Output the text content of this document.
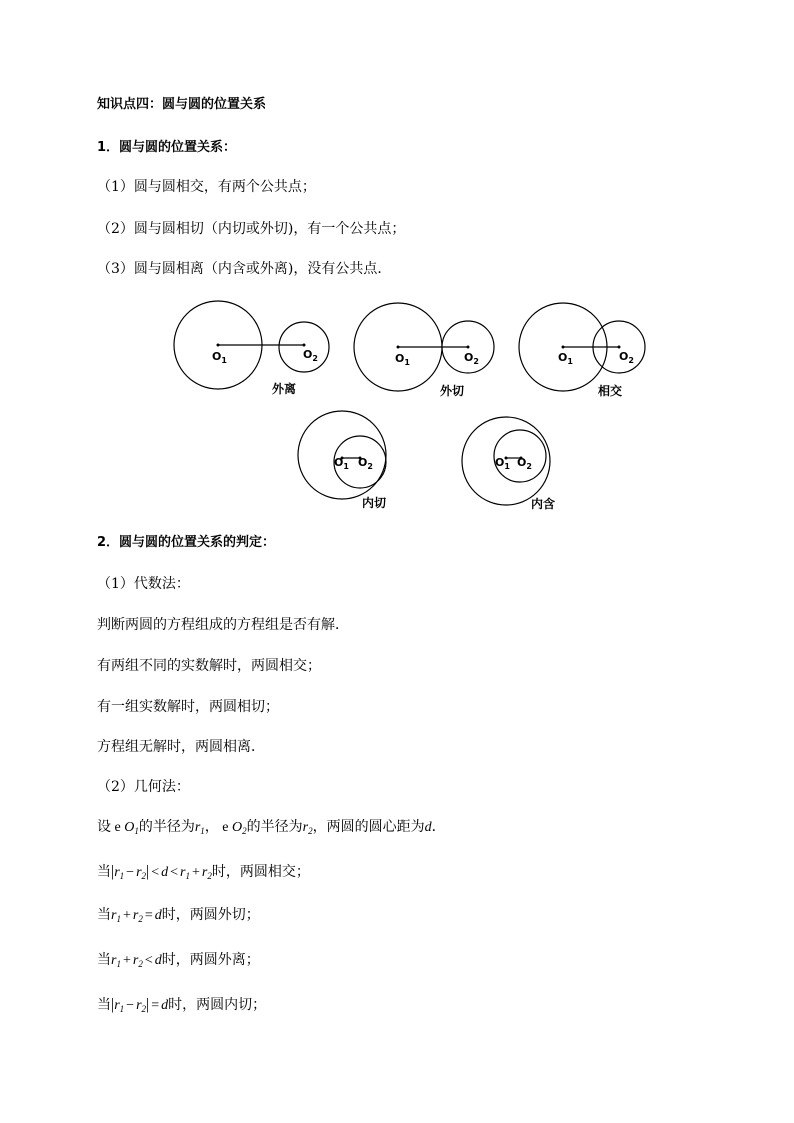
知识点四：圆与圆的位置关系
1．圆与圆的位置关系：
（1）圆与圆相交，有两个公共点；
（2）圆与圆相切（内切或外切)，有一个公共点；
（3）圆与圆相离（内含或外离)，没有公共点．
$O_1$	$O_2$	$O_1$	$O_2$	$O_1$	$O_2$
$O_1$ $O_2$	$O_1$ $O_2$
外离	外切	相交
内切	内含
2．圆与圆的位置关系的判定：
（1）代数法：
判断两圆的方程组成的方程组是否有解．
有两组不同的实数解时，两圆相交；
有一组实数解时，两圆相切；
方程组无解时，两圆相离．
（2）几何法：
设 e $O_1$的半径为$r_1$， e $O_2$的半径为$r_2$，两圆的圆心距为d．
当$|r_1 - r_2| < d < r_1 + r_2$时，两圆相交；
当$r_1 + r_2 = d$时，两圆外切；
当$r_1 + r_2 < d$时，两圆外离；
当$|r_1 - r_2| = d$时，两圆内切；
